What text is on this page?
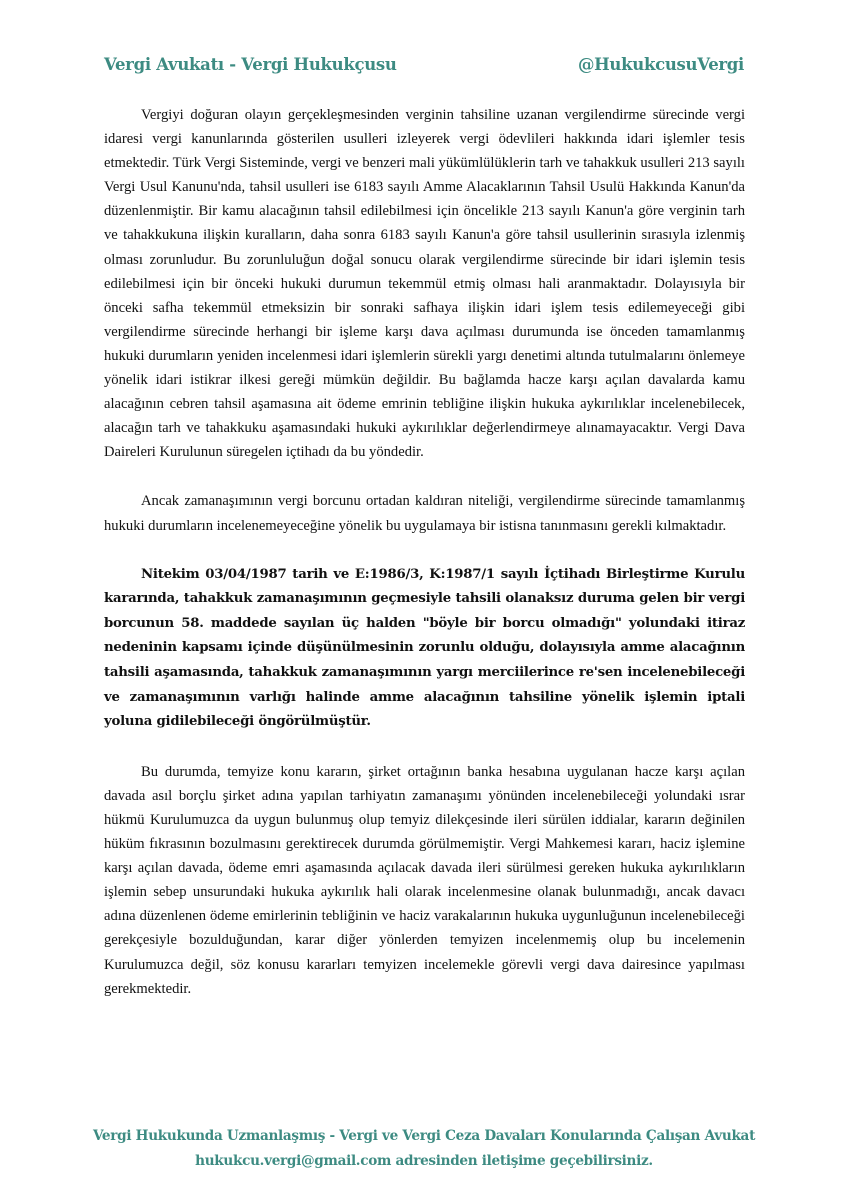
Vergi Avukatı - Vergi Hukukçusu	@HukukcusuVergi

Vergiyi doğuran olayın gerçekleşmesinden verginin tahsiline uzanan vergilendirme sürecinde vergi idaresi vergi kanunlarında gösterilen usulleri izleyerek vergi ödevlileri hakkında idari işlemler tesis etmektedir. Türk Vergi Sisteminde, vergi ve benzeri mali yükümlülüklerin tarh ve tahakkuk usulleri 213 sayılı Vergi Usul Kanunu'nda, tahsil usulleri ise 6183 sayılı Amme Alacaklarının Tahsil Usulü Hakkında Kanun'da düzenlenmiştir. Bir kamu alacağının tahsil edilebilmesi için öncelikle 213 sayılı Kanun'a göre verginin tarh ve tahakkukuna ilişkin kuralların, daha sonra 6183 sayılı Kanun'a göre tahsil usullerinin sırasıyla izlenmiş olması zorunludur. Bu zorunluluğun doğal sonucu olarak vergilendirme sürecinde bir idari işlemin tesis edilebilmesi için bir önceki hukuki durumun tekemmül etmiş olması hali aranmaktadır. Dolayısıyla bir önceki safha tekemmül etmeksizin bir sonraki safhaya ilişkin idari işlem tesis edilemeyeceği gibi vergilendirme sürecinde herhangi bir işleme karşı dava açılması durumunda ise önceden tamamlanmış hukuki durumların yeniden incelenmesi idari işlemlerin sürekli yargı denetimi altında tutulmalarını önlemeye yönelik idari istikrar ilkesi gereği mümkün değildir. Bu bağlamda hacze karşı açılan davalarda kamu alacağının cebren tahsil aşamasına ait ödeme emrinin tebliğine ilişkin hukuka aykırılıklar incelenebilecek, alacağın tarh ve tahakkuku aşamasındaki hukuki aykırılıklar değerlendirmeye alınamayacaktır. Vergi Dava Daireleri Kurulunun süregelen içtihadı da bu yöndedir.

Ancak zamanaşımının vergi borcunu ortadan kaldıran niteliği, vergilendirme sürecinde tamamlanmış hukuki durumların incelenemeyeceğine yönelik bu uygulamaya bir istisna tanınmasını gerekli kılmaktadır.

Nitekim 03/04/1987 tarih ve E:1986/3, K:1987/1 sayılı İçtihadı Birleştirme Kurulu kararında, tahakkuk zamanaşımının geçmesiyle tahsili olanaksız duruma gelen bir vergi borcunun 58. maddede sayılan üç halden "böyle bir borcu olmadığı" yolundaki itiraz nedeninin kapsamı içinde düşünülmesinin zorunlu olduğu, dolayısıyla amme alacağının tahsili aşamasında, tahakkuk zamanaşımının yargı merciilerince re'sen incelenebileceği ve zamanaşımının varlığı halinde amme alacağının tahsiline yönelik işlemin iptali yoluna gidilebileceği öngörülmüştür.

Bu durumda, temyize konu kararın, şirket ortağının banka hesabına uygulanan hacze karşı açılan davada asıl borçlu şirket adına yapılan tarhiyatın zamanaşımı yönünden incelenebileceği yolundaki ısrar hükmü Kurulumuzca da uygun bulunmuş olup temyiz dilekçesinde ileri sürülen iddialar, kararın değinilen hüküm fıkrasının bozulmasını gerektirecek durumda görülmemiştir. Vergi Mahkemesi kararı, haciz işlemine karşı açılan davada, ödeme emri aşamasında açılacak davada ileri sürülmesi gereken hukuka aykırılıkların işlemin sebep unsurundaki hukuka aykırılık hali olarak incelenmesine olanak bulunmadığı, ancak davacı adına düzenlenen ödeme emirlerinin tebliğinin ve haciz varakalarının hukuka uygunluğunun incelenebileceği gerekçesiyle bozulduğundan, karar diğer yönlerden temyizen incelenmemiş olup bu incelemenin Kurulumuzca değil, söz konusu kararları temyizen incelemekle görevli vergi dava dairesince yapılması gerekmektedir.

Vergi Hukukunda Uzmanlaşmış - Vergi ve Vergi Ceza Davaları Konularında Çalışan Avukat
hukukcu.vergi@gmail.com adresinden iletişime geçebilirsiniz.
